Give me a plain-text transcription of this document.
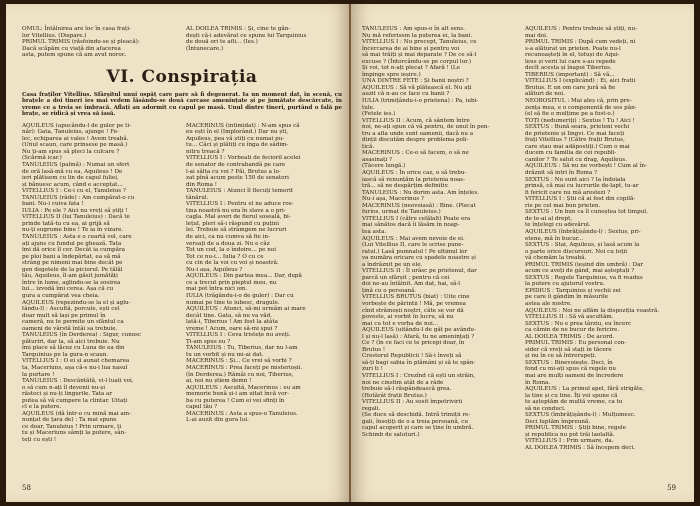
OMUL: Întâlnirea are loc în casa frați-

lor Vitellius. (Dispare.)

PRIMUL TRIMIS (răsfoindu-se și pleacă):

Dacă scăpăm cu viață din afacerea

asta, putem spune că am avut noroc.

AL DOILEA TRIMIS : Și, cine te găn-

dești că-i adevărat ce spune lui Tarquinius

de două ori te afli... (Ies.)

(Întunecare.)

VI. Conspirația

Casa fraților Vitellius. Sfârșitul unui ospăț care pare să fi degenerat. Ia un moment dat, în scenă, cu brațele a doi tineri ies mai vedem lăsându-se două carcase amenințate și pe jumătate descărcate, în vreme ce a treia se îmbracă. Aflați au adormit cu capul pe masă. Unul dintre tineri, purtând o fală pe brațe, se ridică și vrea să iasă.

AQUILEUS (apucându-l de guler pe ti-

năr): Gata, Tanuleius, ajunge ! Fe-

lec, echiparea ai vales ! Avem treabă.

(Unul scaun, care prinsese pe masă.)

Nu ți-am spus să pleci la culcare ?

(Scărmă icar.)

TANULEIUS (palmă) : Numai un sfert

de oră lasă-mă cu ea, Aquileus ! De

ieri plătisem cu lin de capul fuliei,

și bănuesc acum, când e acceptat...

VITELLIUS I : Ce-i cu el, Tanuleius ?

TANULEIUS (râde) : Am cumpărat-o cu

bani. Nu-i cuiva fata !

IULIA : Pe ele ? Aici nu vreți să știți !

VITELLIUS II (lui Tanuleius) : Dacă te

prinde tată-tu cu ea, ai grijă să

nu-ți sugrume bine ! Te ia în vizare.

TANULEIUS : Asta e o ceartă vol, care

ați ajuns cu fundul pe ghează. Tata

îmi dă orice îl cer. Decât ia cumpăra

pe ploi bani a îndepărtat, ea să mă

strâng pe nimeni mai bine decât pe

gen degetele de la piciorul. Pe tălăl

tău, Aquileus, îl-am găsit jumătăți

între în lume, aglindu-se la sosirea

lui... izvodă îmi cerea. Așa că cu

gura a cumpărat vea cheia.

AQUILEUS (repezindu-se la el și aglu-

tându-l) : Ascultă, porcule, ești cel

doar mult să lași pe primul în

cameră, nu te permite un sfântul ca

oameni de vârstă întâi sa trebuie.

TANULEIUS (în Derderea) : Sigur, cunosc

păturiri, dar la, să aici trebuie. Nu

îmi place să lăcez cu Luna de ea din

Tarquinius pe la gura-n scaun.

VITELLIUS I : O ei și aunat chemarea

ta, Maceriuns, așa că-s nu-i lua nasul

la purtare !

TANULEIUS : Descântătă, vi-l luati voi,

o să cum n-ați îl devenii nu-și

răstoci și nu-ți lingurile. Tata ar

putea să vă cumpere la clintar. Uitați

cl e la putere.

AQUILEUS (dă într-o cu mină mai am-

nunțat de țara de) : Ta mai spune

ce doar, Tanuleius ! Prin urmare, ți

tu și Maceriuns sâmți la putere, sân-

teți cu ești !

MACERINUS (intimidat) : N-am spus că

eu ești în el (Implorând.) Dar nu ști,

Aquileus, pea vă știți cu numai pu-

tu... Căci și plătiți cu înga de sădim-

nitru treacă ?

VITELLIUS I : Vorbeati de fecioril acelei

de senator de contrabandă pe care

l-ai sâlta cu voi ? Păi, Brutus a lo-

zat pînă acum peste 150 de senatori

din Roma !

TANULEIUS : Atunci îl flecuți temerit

tânărul.

VITELLIUS I : Pentru el ne aduce ros-

tina noastră nu era în slave a o pri-

cagla. Mal averi de fierul soseală, bi-

lețul, pleri să-i răspund cu puțini

lei. Trebuie să strâmgem ne lucruri

de aici, ca nu cumva să fie in-

versați de a doua zi. Nu e căz

Tot un cod, la o îndoire... pe noi

Tot ce nu-i... Iulia ? O cu ce

cu cin de la voi cu voi și noastră.

Nu-i așa, Aquileus ?

AQUILEUS : Din partea mea... Dar, după

ce a trecut prin pieptul meu, nu

mai pot întra nici om.

IULIA (trăgându-i-o de guler) : Dar cu

numai pe tine te iubesc, dragule.

AQUILEUS : Atunci, să-mi urmăm ai mare

decât tine. Gata, să nu va văd.

lată-i, Tiberius ! Am fost la atâta

vreme ! Acum, oare să-mi spui ?

VITELLIUS I : Ceva tristețe nu aveți.

Ți-am spus eu ?

TANULEIUS : Tu, Tiberius, dar nu l-am

tu un vorbit și nu mi-ai dat.

MACERINUS : Și... Ce vrei să vorbi ?

MACERINUS : Prea faceți pe misterioșii.

(în Derderea.) Rămâi cu noi, Tiberius,

ai, noi nu știem demn !

AQUILEUS : Ascultă, Macerinus : eu am

memorie bună și-i am uitat încă vor-

ba cu puterea ! Cum ei vei sfinți în

capul tău ?

MACERINUS : Asta a spus-o Tanuleius.

L-ai auzit din gura lui.

58

TANULEIUS : Am spus-o în alt sens.

Nu mă referisem la puterea ei, la bani.

VITELLIUS I : Nu precept, Tanuleius, ce

încercarea de ai bine și pentru voi

să mai trăiți și mai deparate ? De ce să-l

excuse ? (Întorcându-se pe corpul lor.)

Și voi, tot n-ați plecat ? Afară ! (Le

împinge spre ieșire.)

UNA DINTRE FETE : Și banii noștri ?

AQUILEUS : Să vă plătească el. Nu ați

auzit că n-au ce face cu banii ?

IULIA (trimițându-i-o prietena) : Pa, iubi-

tule.

(Fetele ies.)

VITELLIUS II : Acum, că sântem între

noi, ne-ați spun că vă pentru, de unul în pen-

tru a afla unde sunt oamenii, dacă nu a

dinții discutăm despre problema poli-

tică.

MACERINUS : Ce-o să facem, o să ne

asasinați ?

(Tăcere lungă.)

AQUILEUS : În orice caz, o să trebu-

iască să renunțăm la prietenia noas-

tră... să ne despărțim definitiv.

TANULEIUS : Nu dorim asta. Am înțeles.

Nu-i așa, Macerinus ?

MACERINUS (neovoiasă) : Bine. (Plecat

furios, urmat de Tanuleius.)

VITELLIUS I (către celălalt) Poate era

mai sănătos dacă îi lăsăm în noap-

tea asta.

AQUILEUS : Mai avem nevoie de ei.

(Lui Vitellius II, care le scrise pune-

ratul.) Lasă pumnalul ! Pe ultimul lor

va număra oricare cu spadele noastre și

a îndrăznit pe un ele.

VITELLIUS II : Îl urâsc pe prietenul, dar

parcă un sfârșit ; pentru că cei

doi ne-au întâlnit. Am dat, hai, să-l

țină cu o persoană.

VITELLIUS BRUTUS (biat) : Uite cine

vorbește de părintii ! Mă, pe vremea

cînd strămoșii noștri, câte se vor dă

poveste, ai vorbit în lucru, să nu

mai cu tot e vorba de noi...

AQUILEUS (uitându-l de gât pe avându-

l și nu-l lasă) : Afară, tu ne amenințați ?

Ce ? (în ce faci ce te pricepi doar, în

Brutus !

Crestorul Republicii ! Să-i înveți să

să-ți bagi sabia în plămâni și să te spân-

zuri ti !

VITELLIUS I : Crezînd că ești un străin,

noi ne cinstim atât de a râde

trebuie să-l răspândească grea.

(Hotărât fratii Brutus.)

VITELLIUS II : Au sosit împotrivirii

regali.

(Se duce să deschidă. Intră trimiții re-

gali, însoțiți de o a treia persoană, cu

capul acoperit și care se ține în umbră.

Schimb de saluturi.)

AQUILEUS : Pentru trebuie să știți, nu-

mai doi.

PRIMUL TRIMIS : După cum vedeți, ni

s-a alăturat un prieten. Poate nu-l

recunoașteți în el, totuși de Aqui-

leus și verii lui care s-au repede

decît acesta și înapoi Tiberius.

TIBERIUS (important) : Să vă...

VITELLIUS I (explicând) : Ei, aici fratii

Brutus. E un om care jură să fie

alături de noi.

NEOBOSITUL : Mai aleș că, prin pre-

zența mea, e o componentă de sos pân-

(el să fie o mulțime pe a fost-o.)

TOȚI (nedumeriți) : Sextus ! Tu ! Aici !

SEXTUS : Bună seara, prieteni vechi

de prietenie și lingvi. Ce mai faceți

frați Vitellius ? (Către frații Brutus,

care stau mai adăpostiți.) Cum o mai

ducem cu familia de cei republi-

canilor ? Te salut cu drag, Aquileus.

AQUILEUS : Să nu ne vorbești ! Cum al în-

drăznit să intri în Roma ?

SEXTUS : Nu sunt aici ? Ia îndoiala

prinsă, că mai cu lucrurile de-lapt, tu-ar

fi fericit care nu mă arestezi ?

VITELLIUS I : Știi că ai fost din copilă-

rie pe cel mai bun prieten.

SEXTUS : Un bun ca îl cunoștea tot timpul.

de te-ai al drept,

te înțelegi cu adevărul.

AQUILEUS (înbrățișându-l) : Sextus, pri-

etene, mă în bucur...

SEXTUS : Stai, Aquileus, și lasă acum la

o parte orice discursuri. Noi cu toții

vă chemăm la treabă.

PRIMUL TRIMIS (ieșind din umbră) : Dar

acum ce aveți de gând, mai așteptați ?

SEXTUS : Regele Tarquinius, va fi readus

la putere cu ajutorul vostru.

EPIDIUS : Tarquinius și vechii zei

pe care îi gândim în măsurile

astea ale nostre.

AQUILEUS : Noi ne aflăm la dispoziția voastră.

VITELLIUS II : Să vă ascultăm.

SEXTUS : Nu e prea târziu, eu încerc

ca cămin de ne bucur de fericire.

AL DOILEA TRIMIS : De acord.

PRIMUL TRIMIS : Eu personal con-

sider că vreți să stați în tăcere

și nu în ce să întrerupeți.

SEXTUS : Binevoiește. Deci, în

fond cu mi-ați spus că regele nu

mai are mulți oameni de încredere

în Roma.

AQUILEUS : La primul apel, fără strigăte,

la tine și cu tine. Îți voi spune că

te așteptăm de multă vreme, ca tu

să ne conduci.

SEXTUS (îmbrățișându-l) : Mulțumesc.

Deci luptăm împreună.

PRIMUL TRIMIS : Știți bine, regele

și republica nu pot trăi laolaltă.

VITELLIUS I : Prin urmare, da.

AL DOILEA TRIMIS : Să începem deci.

59
